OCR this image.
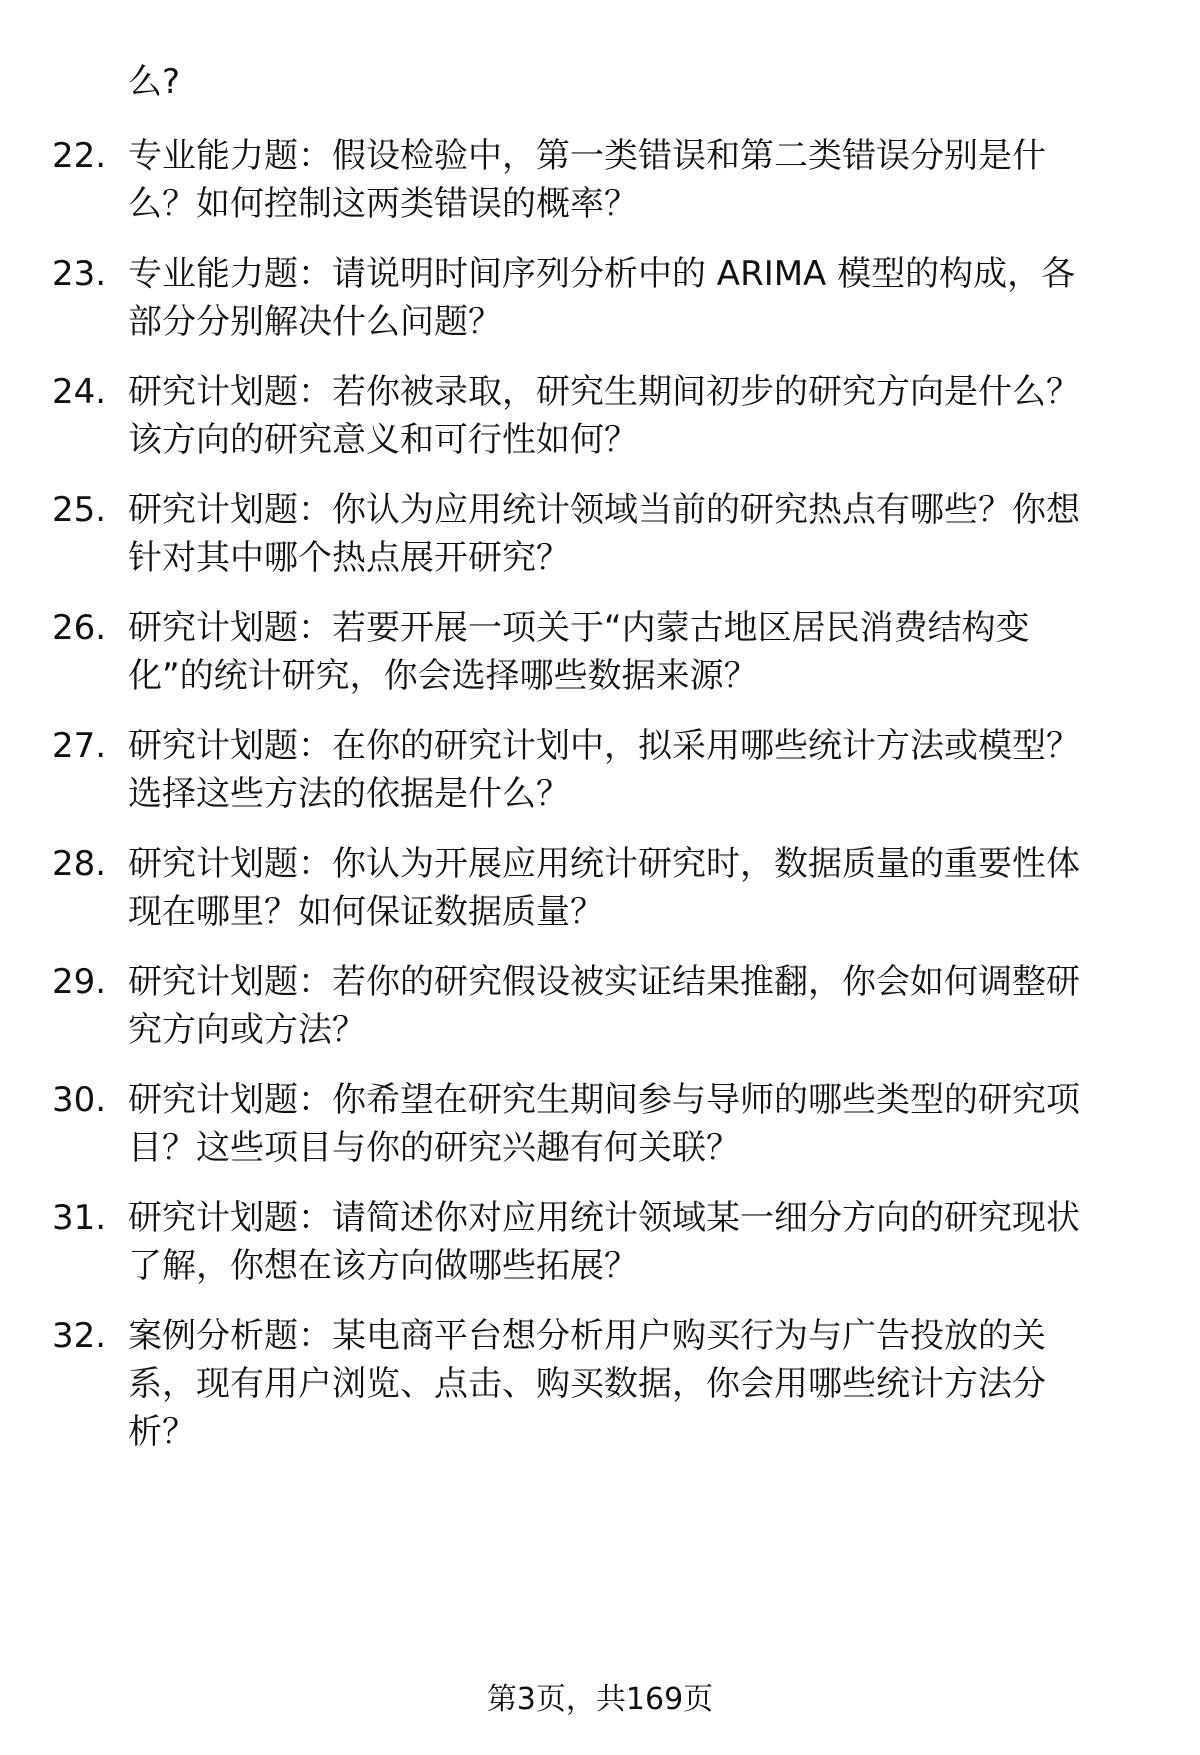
么?
22. 专业能力题：假设检验中，第一类错误和第二类错误分别是什
么？如何控制这两类错误的概率？
23. 专业能力题：请说明时间序列分析中的 ARIMA 模型的构成，各
部分分别解决什么问题？
24. 研究计划题：若你被录取，研究生期间初步的研究方向是什么？
该方向的研究意义和可行性如何？
25. 研究计划题：你认为应用统计领域当前的研究热点有哪些？你想
针对其中哪个热点展开研究？
26. 研究计划题：若要开展一项关于“内蒙古地区居民消费结构变
化”的统计研究，你会选择哪些数据来源？
27. 研究计划题：在你的研究计划中，拟采用哪些统计方法或模型？
选择这些方法的依据是什么？
28. 研究计划题：你认为开展应用统计研究时，数据质量的重要性体
现在哪里？如何保证数据质量？
29. 研究计划题：若你的研究假设被实证结果推翻，你会如何调整研
究方向或方法？
30. 研究计划题：你希望在研究生期间参与导师的哪些类型的研究项
目？这些项目与你的研究兴趣有何关联？
31. 研究计划题：请简述你对应用统计领域某一细分方向的研究现状
了解，你想在该方向做哪些拓展？
32. 案例分析题：某电商平台想分析用户购买行为与广告投放的关
系，现有用户浏览、点击、购买数据，你会用哪些统计方法分
析？
第3页，共169页
